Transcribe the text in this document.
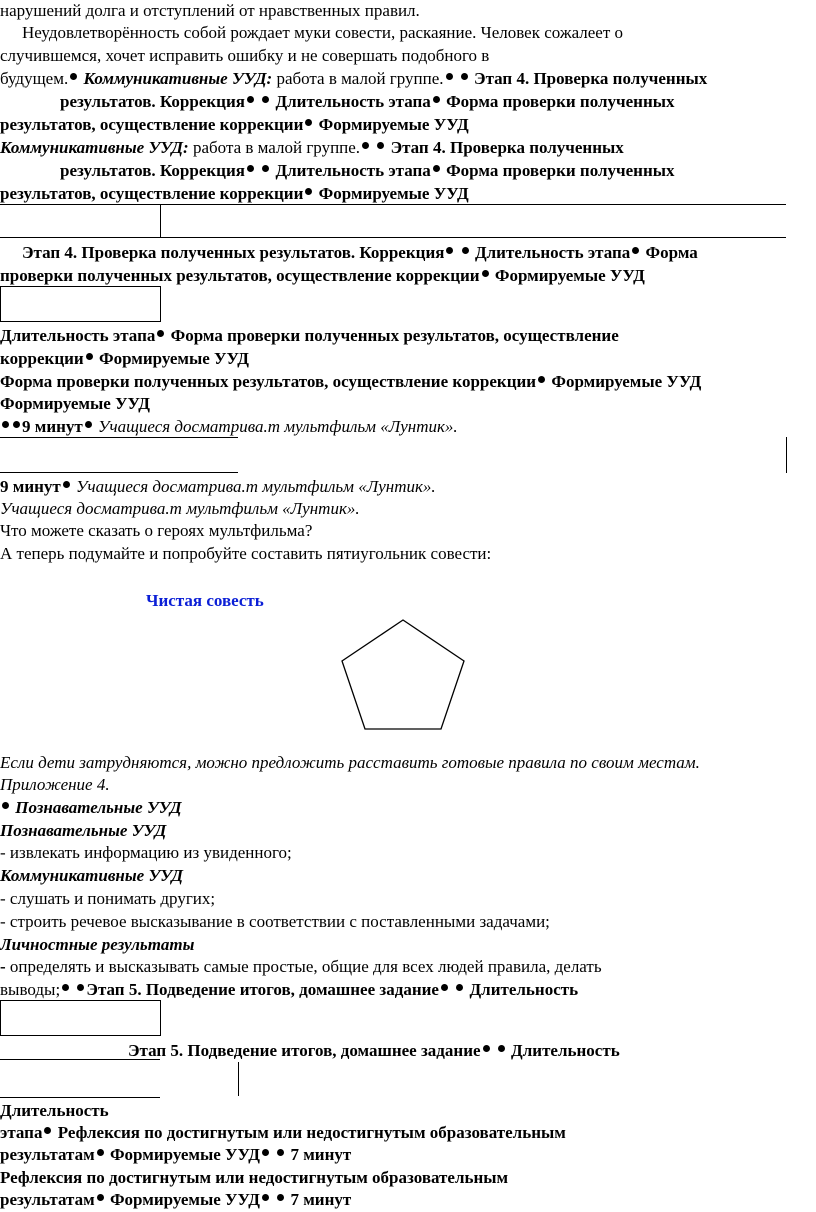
нарушений долга и отступлений от нравственных правил.
Неудовлетворённость собой рождает муки совести, раскаяние. Человек сожалеет о
случившемся, хочет исправить ошибку и не совершать подобного в
будущем. Коммуникативные УУД: работа в малой группе. Этап 4. Проверка полученных
результатов. Коррекция Длительность этапа Форма проверки полученных
результатов, осуществление коррекции Формируемые УУД
Коммуникативные УУД: работа в малой группе. Этап 4. Проверка полученных
результатов. Коррекция Длительность этапа Форма проверки полученных
результатов, осуществление коррекции Формируемые УУД
Этап 4. Проверка полученных результатов. Коррекция Длительность этапа Форма
проверки полученных результатов, осуществление коррекции Формируемые УУД
Длительность этапа Форма проверки полученных результатов, осуществление
коррекции Формируемые УУД
Форма проверки полученных результатов, осуществление коррекции Формируемые УУД
Формируемые УУД
9 минут Учащиеся досматрива.т мультфильм «Лунтик».
9 минут Учащиеся досматрива.т мультфильм «Лунтик».
Учащиеся досматрива.т мультфильм «Лунтик».
Что можете сказать о героях мультфильма?
А теперь подумайте и попробуйте составить пятиугольник совести:
Чистая совесть
Если дети затрудняются, можно предложить расставить готовые правила по своим местам.
Приложение 4.
Познавательные УУД
Познавательные УУД
- извлекать информацию из увиденного;
Коммуникативные УУД
- слушать и понимать других;
- строить речевое высказывание в соответствии с поставленными задачами;
Личностные результаты
- определять и высказывать самые простые, общие для всех людей правила, делать
выводы; Этап 5. Подведение итогов, домашнее задание Длительность
Этап 5. Подведение итогов, домашнее задание Длительность
Длительность
этапа Рефлексия по достигнутым или недостигнутым образовательным
результатам Формируемые УУД 7 минут
Рефлексия по достигнутым или недостигнутым образовательным
результатам Формируемые УУД 7 минут
